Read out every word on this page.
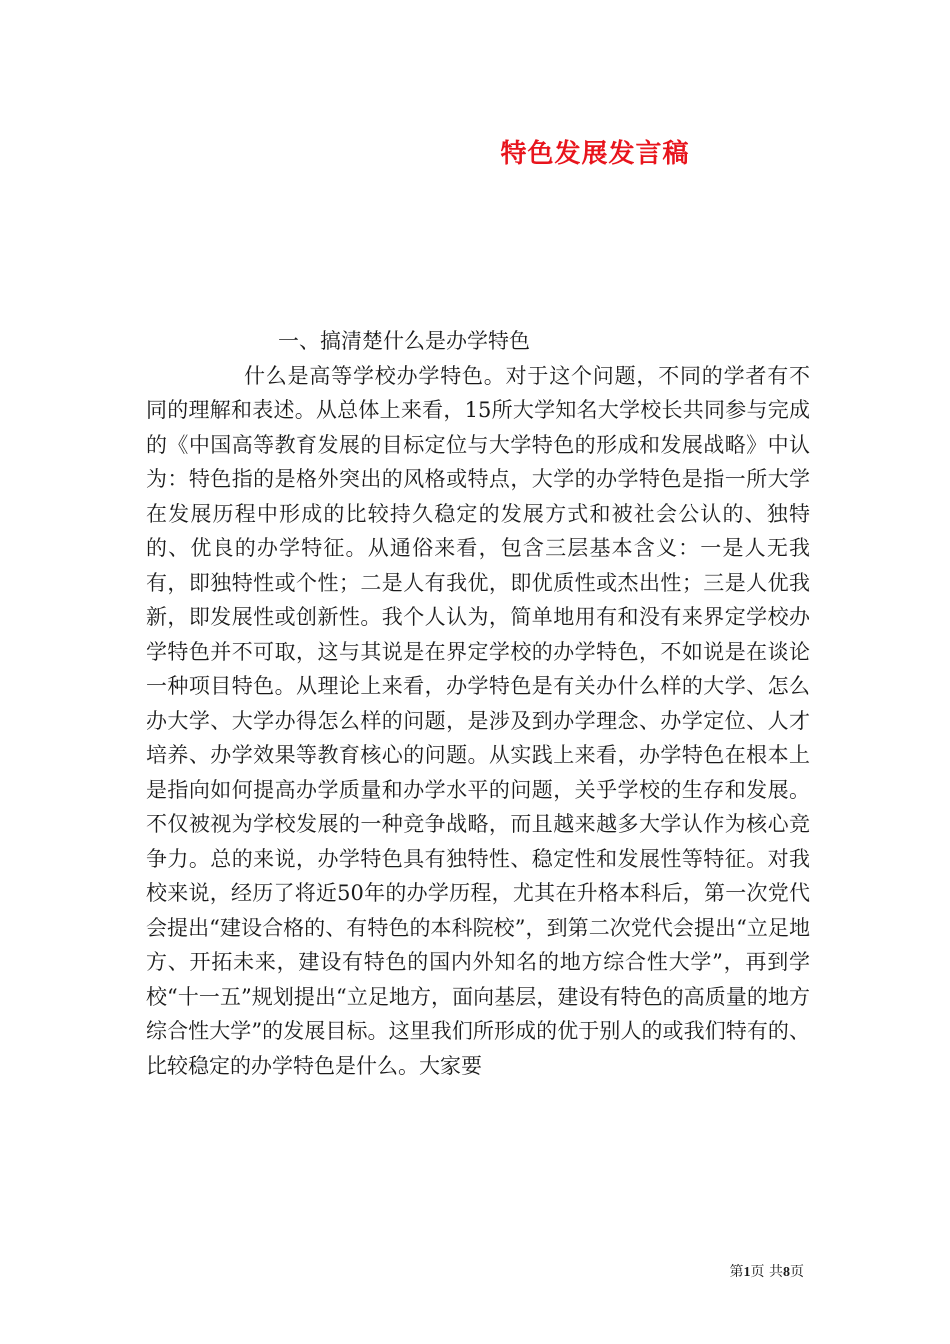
特色发展发言稿

一、搞清楚什么是办学特色

什么是高等学校办学特色。对于这个问题，不同的学者有不同的理解和表述。从总体上来看，15所大学知名大学校长共同参与完成的《中国高等教育发展的目标定位与大学特色的形成和发展战略》中认为：特色指的是格外突出的风格或特点，大学的办学特色是指一所大学在发展历程中形成的比较持久稳定的发展方式和被社会公认的、独特的、优良的办学特征。从通俗来看，包含三层基本含义：一是人无我有，即独特性或个性；二是人有我优，即优质性或杰出性；三是人优我新，即发展性或创新性。我个人认为，简单地用有和没有来界定学校办学特色并不可取，这与其说是在界定学校的办学特色，不如说是在谈论一种项目特色。从理论上来看，办学特色是有关办什么样的大学、怎么办大学、大学办得怎么样的问题，是涉及到办学理念、办学定位、人才培养、办学效果等教育核心的问题。从实践上来看，办学特色在根本上是指向如何提高办学质量和办学水平的问题，关乎学校的生存和发展。不仅被视为学校发展的一种竞争战略，而且越来越多大学认作为核心竞争力。总的来说，办学特色具有独特性、稳定性和发展性等特征。对我校来说，经历了将近50年的办学历程，尤其在升格本科后，第一次党代会提出“建设合格的、有特色的本科院校”，到第二次党代会提出“立足地方、开拓未来，建设有特色的国内外知名的地方综合性大学”，再到学校“十一五”规划提出“立足地方，面向基层，建设有特色的高质量的地方综合性大学”的发展目标。这里我们所形成的优于别人的或我们特有的、比较稳定的办学特色是什么。大家要

第1页 共8页
